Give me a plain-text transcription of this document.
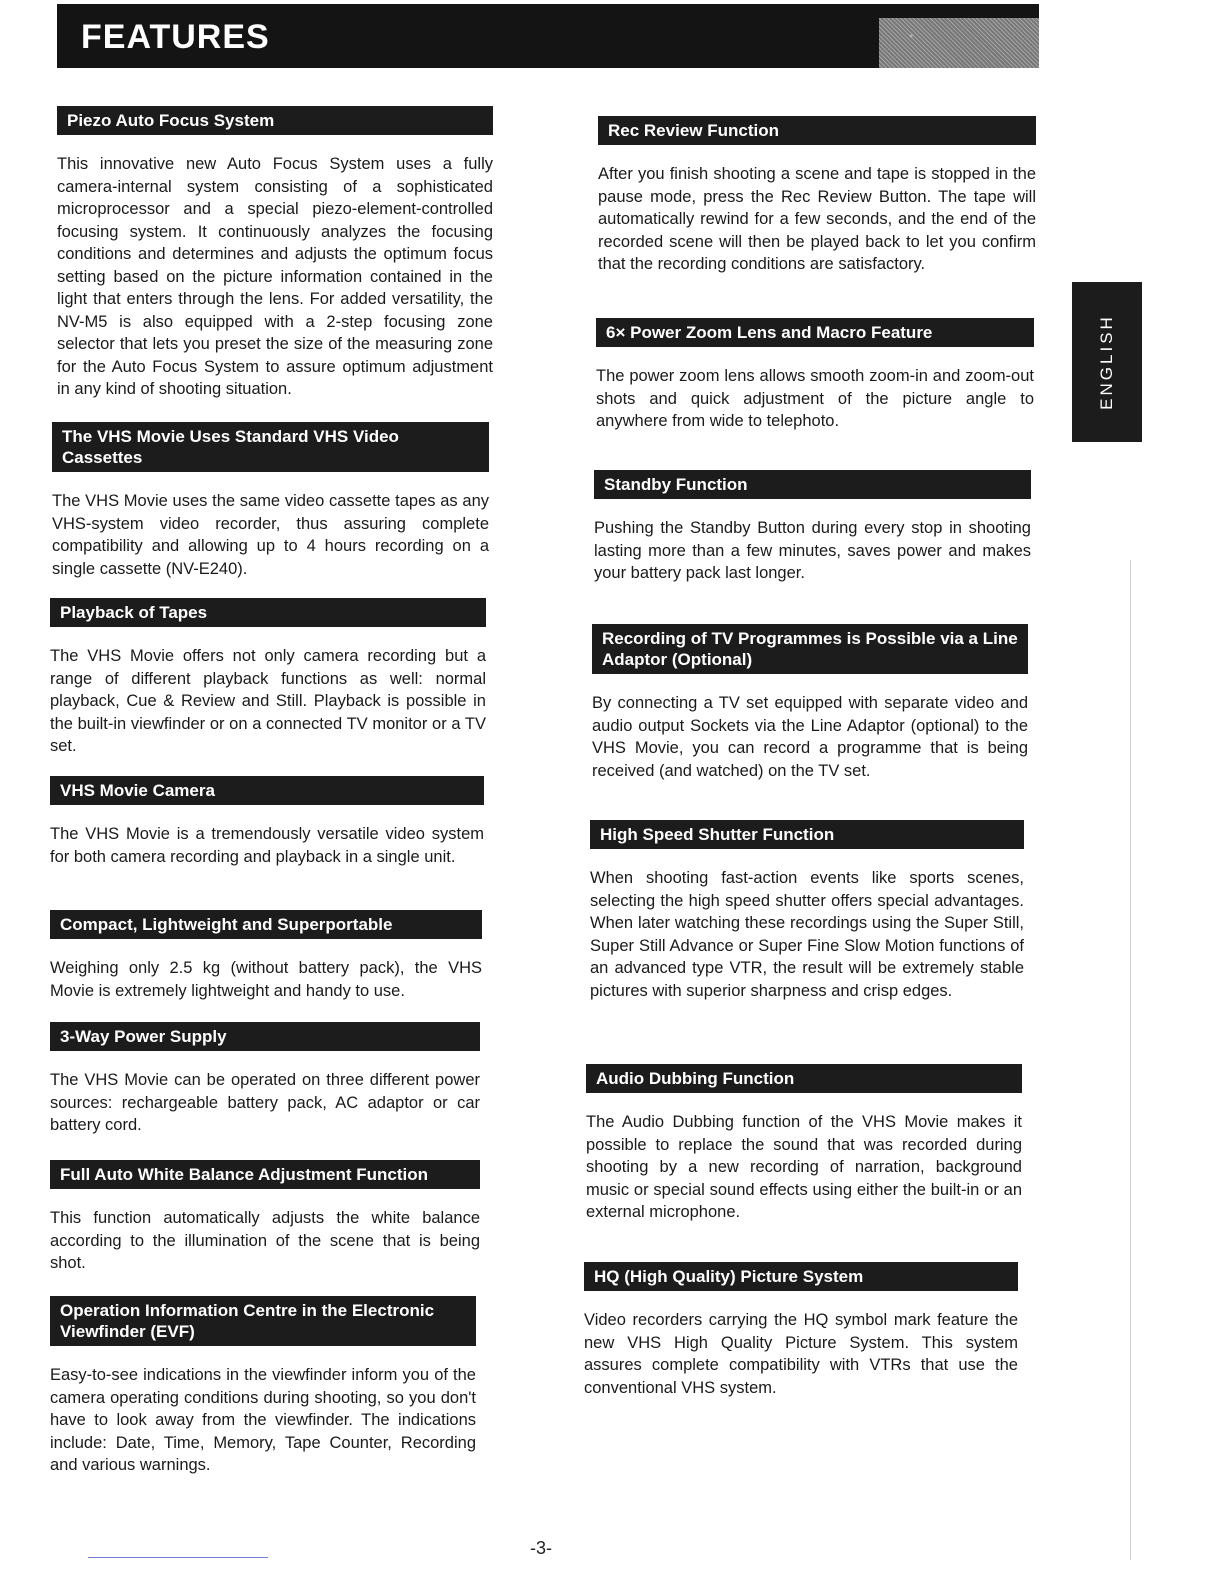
FEATURES
ENGLISH
Piezo Auto Focus System
This innovative new Auto Focus System uses a fully camera-internal system consisting of a sophisticated microprocessor and a special piezo-element-controlled focusing system. It continuously analyzes the focusing conditions and determines and adjusts the optimum focus setting based on the picture information contained in the light that enters through the lens. For added versatility, the NV-M5 is also equipped with a 2-step focusing zone selector that lets you preset the size of the measuring zone for the Auto Focus System to assure optimum adjustment in any kind of shooting situation.
The VHS Movie Uses Standard VHS Video Cassettes
The VHS Movie uses the same video cassette tapes as any VHS-system video recorder, thus assuring complete compatibility and allowing up to 4 hours recording on a single cassette (NV-E240).
Playback of Tapes
The VHS Movie offers not only camera recording but a range of different playback functions as well: normal playback, Cue & Review and Still. Playback is possible in the built-in viewfinder or on a connected TV monitor or a TV set.
VHS Movie Camera
The VHS Movie is a tremendously versatile video system for both camera recording and playback in a single unit.
Compact, Lightweight and Superportable
Weighing only 2.5 kg (without battery pack), the VHS Movie is extremely lightweight and handy to use.
3-Way Power Supply
The VHS Movie can be operated on three different power sources: rechargeable battery pack, AC adaptor or car battery cord.
Full Auto White Balance Adjustment Function
This function automatically adjusts the white balance according to the illumination of the scene that is being shot.
Operation Information Centre in the Electronic Viewfinder (EVF)
Easy-to-see indications in the viewfinder inform you of the camera operating conditions during shooting, so you don't have to look away from the viewfinder. The indications include: Date, Time, Memory, Tape Counter, Recording and various warnings.
Rec Review Function
After you finish shooting a scene and tape is stopped in the pause mode, press the Rec Review Button. The tape will automatically rewind for a few seconds, and the end of the recorded scene will then be played back to let you confirm that the recording conditions are satisfactory.
6× Power Zoom Lens and Macro Feature
The power zoom lens allows smooth zoom-in and zoom-out shots and quick adjustment of the picture angle to anywhere from wide to telephoto.
Standby Function
Pushing the Standby Button during every stop in shooting lasting more than a few minutes, saves power and makes your battery pack last longer.
Recording of TV Programmes is Possible via a Line Adaptor (Optional)
By connecting a TV set equipped with separate video and audio output Sockets via the Line Adaptor (optional) to the VHS Movie, you can record a programme that is being received (and watched) on the TV set.
High Speed Shutter Function
When shooting fast-action events like sports scenes, selecting the high speed shutter offers special advantages. When later watching these recordings using the Super Still, Super Still Advance or Super Fine Slow Motion functions of an advanced type VTR, the result will be extremely stable pictures with superior sharpness and crisp edges.
Audio Dubbing Function
The Audio Dubbing function of the VHS Movie makes it possible to replace the sound that was recorded during shooting by a new recording of narration, background music or special sound effects using either the built-in or an external microphone.
HQ (High Quality) Picture System
Video recorders carrying the HQ symbol mark feature the new VHS High Quality Picture System. This system assures complete compatibility with VTRs that use the conventional VHS system.
-3-
